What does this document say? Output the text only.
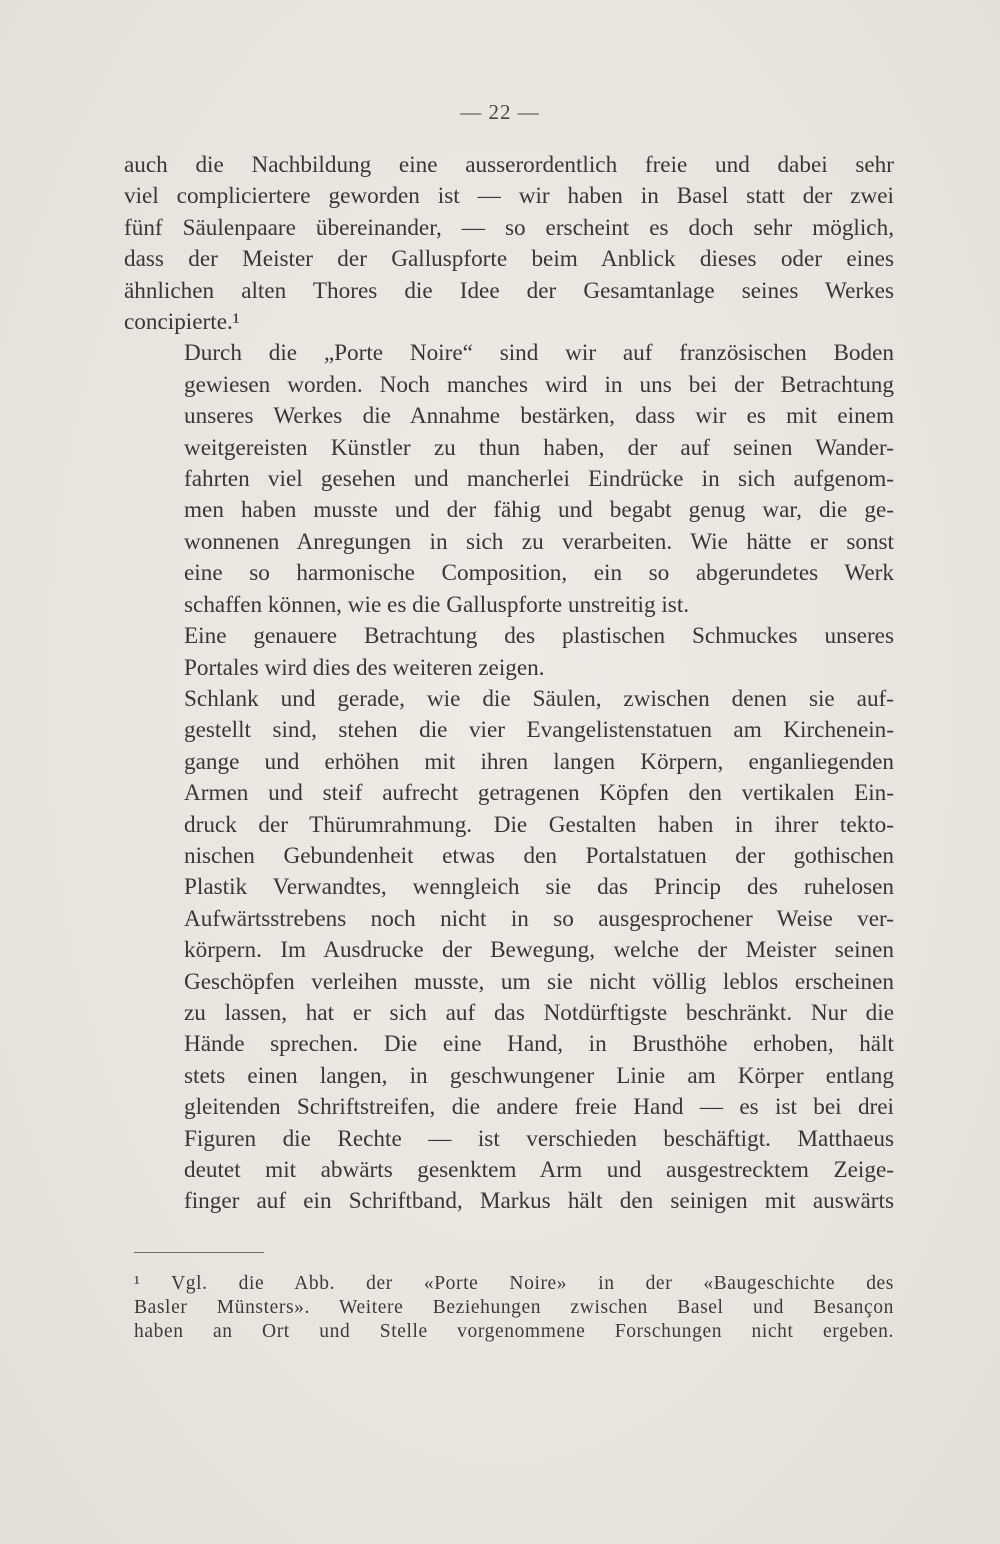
— 22 —

auch die Nachbildung eine ausserordentlich freie und dabei sehr
viel compliciertere geworden ist — wir haben in Basel statt der zwei
fünf Säulenpaare übereinander, — so erscheint es doch sehr möglich,
dass der Meister der Galluspforte beim Anblick dieses oder eines
ähnlichen alten Thores die Idee der Gesamtanlage seines Werkes
concipierte.¹

Durch die „Porte Noire“ sind wir auf französischen Boden
gewiesen worden. Noch manches wird in uns bei der Betrachtung
unseres Werkes die Annahme bestärken, dass wir es mit einem
weitgereisten Künstler zu thun haben, der auf seinen Wander-
fahrten viel gesehen und mancherlei Eindrücke in sich aufgenom-
men haben musste und der fähig und begabt genug war, die ge-
wonnenen Anregungen in sich zu verarbeiten. Wie hätte er sonst
eine so harmonische Composition, ein so abgerundetes Werk
schaffen können, wie es die Galluspforte unstreitig ist.

Eine genauere Betrachtung des plastischen Schmuckes unseres
Portales wird dies des weiteren zeigen.

Schlank und gerade, wie die Säulen, zwischen denen sie auf-
gestellt sind, stehen die vier Evangelistenstatuen am Kirchenein-
gange und erhöhen mit ihren langen Körpern, enganliegenden
Armen und steif aufrecht getragenen Köpfen den vertikalen Ein-
druck der Thürumrahmung. Die Gestalten haben in ihrer tekto-
nischen Gebundenheit etwas den Portalstatuen der gothischen
Plastik Verwandtes, wenngleich sie das Princip des ruhelosen
Aufwärtsstrebens noch nicht in so ausgesprochener Weise ver-
körpern. Im Ausdrucke der Bewegung, welche der Meister seinen
Geschöpfen verleihen musste, um sie nicht völlig leblos erscheinen
zu lassen, hat er sich auf das Notdürftigste beschränkt. Nur die
Hände sprechen. Die eine Hand, in Brusthöhe erhoben, hält
stets einen langen, in geschwungener Linie am Körper entlang
gleitenden Schriftstreifen, die andere freie Hand — es ist bei drei
Figuren die Rechte — ist verschieden beschäftigt. Matthaeus
deutet mit abwärts gesenktem Arm und ausgestrecktem Zeige-
finger auf ein Schriftband, Markus hält den seinigen mit auswärts

¹ Vgl. die Abb. der «Porte Noire» in der «Baugeschichte des
Basler Münsters». Weitere Beziehungen zwischen Basel und Besançon
haben an Ort und Stelle vorgenommene Forschungen nicht ergeben.
